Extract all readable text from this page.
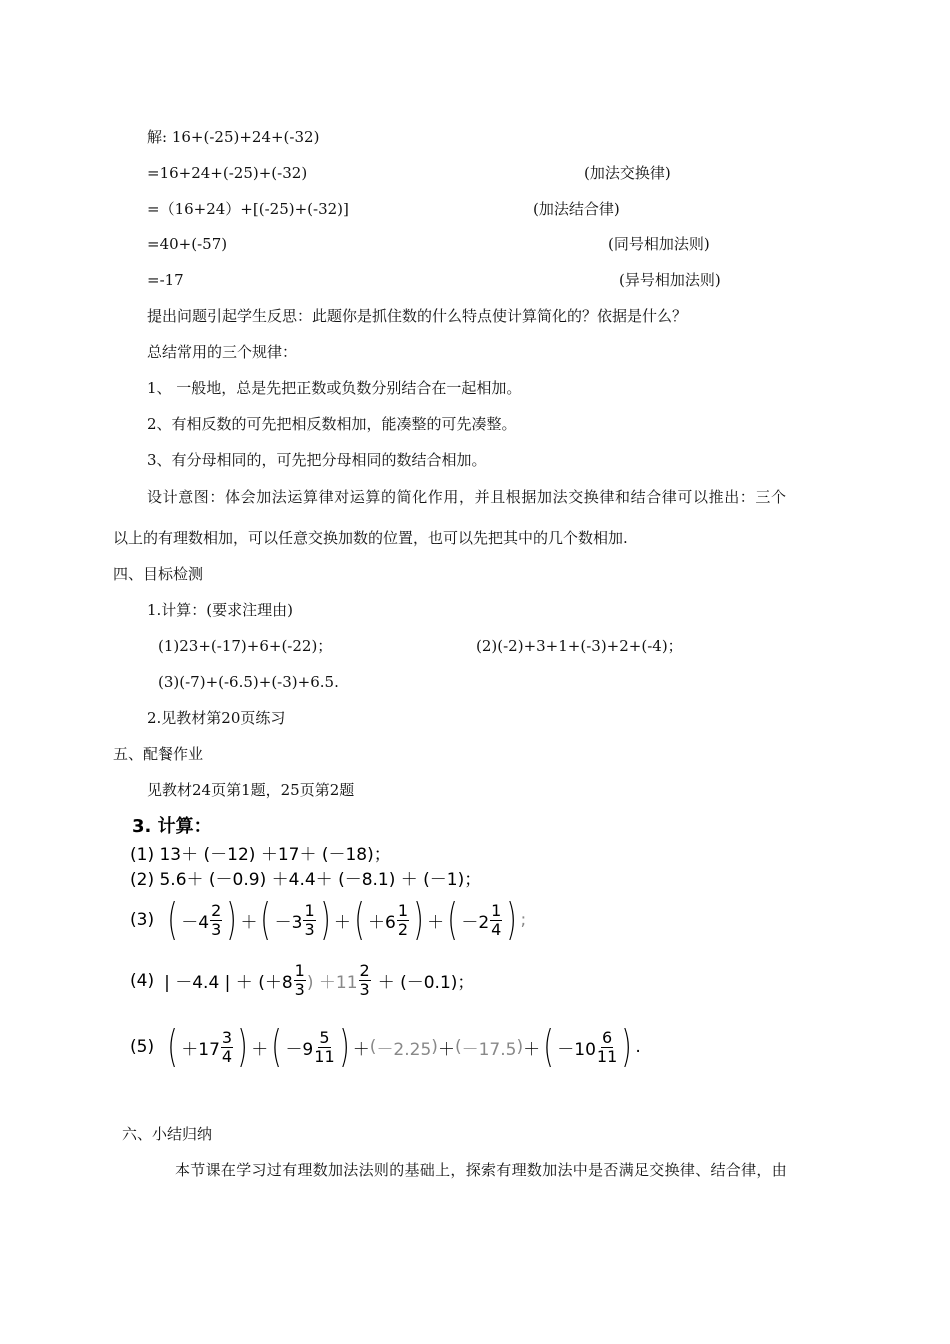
解: 16+(-25)+24+(-32)
=16+24+(-25)+(-32)	(加法交换律)
=（16+24）+[(-25)+(-32)]	(加法结合律)
=40+(-57)	(同号相加法则)
=-17	(异号相加法则)
提出问题引起学生反思：此题你是抓住数的什么特点使计算简化的？依据是什么？
总结常用的三个规律：
1、 一般地，总是先把正数或负数分别结合在一起相加。
2、有相反数的可先把相反数相加，能凑整的可先凑整。
3、有分母相同的，可先把分母相同的数结合相加。
设计意图：体会加法运算律对运算的简化作用，并且根据加法交换律和结合律可以推出：三个
以上的有理数相加，可以任意交换加数的位置，也可以先把其中的几个数相加.
四、目标检测
1.计算：(要求注理由)
(1)23+(-17)+6+(-22)；	(2)(-2)+3+1+(-3)+2+(-4)；
(3)(-7)+(-6.5)+(-3)+6.5.
2.见教材第20页练习
五、配餐作业
见教材24页第1题，25页第2题
3. 计算：
(1) 13＋ (－12) ＋17＋ (－18)；
(2) 5.6＋ (－0.9) ＋4.4＋ (－8.1) ＋ (－1)；
(3) ( $-4 \frac{2}{3}$ ) ＋ ( $-3 \frac{1}{3}$ ) ＋ ( $+6 \frac{1}{2}$ ) ＋ ( $-2 \frac{1}{4}$ ) ;
(4) | －4.4 | ＋ ($+8 \frac{1}{3}$ ) $+11 \frac{2}{3} + (-0.1)$；
(5) ( $+17 \frac{3}{4}$ ) ＋ ( $-9 \frac{5}{11}$ ) ＋ ( －2.25 ) ＋ ( －17.5 ) ＋ ( $-10 \frac{6}{11}$ ) .
六、小结归纳
本节课在学习过有理数加法法则的基础上，探索有理数加法中是否满足交换律、结合律，由
